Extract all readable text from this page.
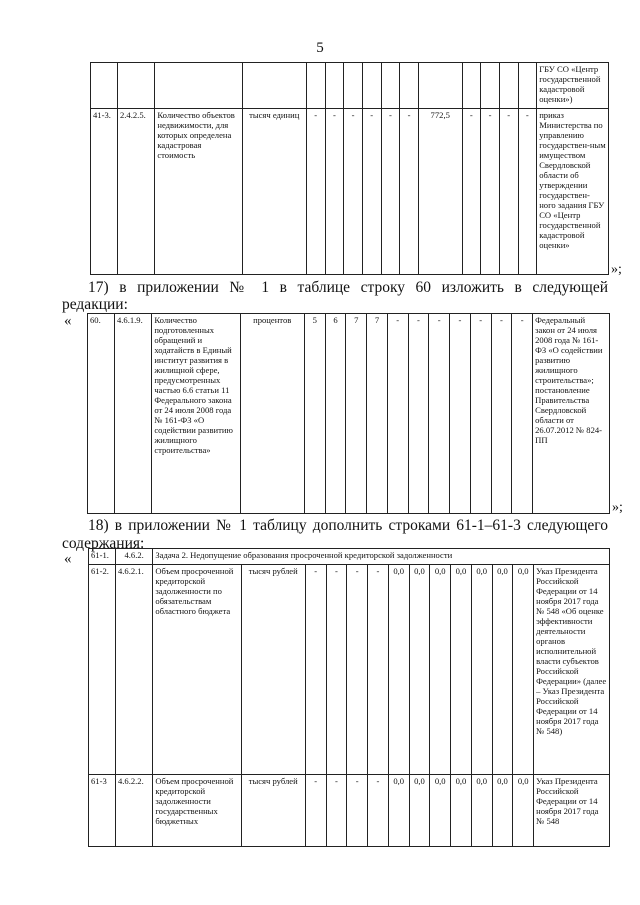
5
															ГБУ СО «Центр государственной кадастровой оценки»)
41-3.	2.4.2.5.	Количество объектов недвижимости, для которых определена кадастровая стоимость	тысяч единиц	-	-	-	-	-	-	772,5	-	-	-	-	приказ Министерства по управлению государствен-ным имуществом Свердловской области об утверждении государствен-ного задания ГБУ СО «Центр государственной кадастровой оценки»
»;
17) в приложении № 1 в таблице строку 60 изложить в следующей
редакции:
« 60.	4.6.1.9.	Количество подготовленных обращений и ходатайств в Единый институт развития в жилищной сфере, предусмотренных частью 6.6 статьи 11 Федерального закона от 24 июля 2008 года № 161-ФЗ «О содействии развитию жилищного строительства»	процентов	5	6	7	7	-	-	-	-	-	-	-	Федеральный закон от 24 июля 2008 года № 161-ФЗ «О содействии развитию жилищного строительства»; постановление Правительства Свердловской области от 26.07.2012 № 824-ПП
»;
18) в приложении № 1 таблицу дополнить строками 61-1–61-3 следующего
содержания:
« 61-1.	4.6.2.	Задача 2. Недопущение образования просроченной кредиторской задолженности													
61-2.	4.6.2.1.	Объем просроченной кредиторской задолженности по обязательствам областного бюджета	тысяч рублей	-	-	-	-	0,0	0,0	0,0	0,0	0,0	0,0	0,0	Указ Президента Российской Федерации от 14 ноября 2017 года № 548 «Об оценке эффективности деятельности органов исполнительной власти субъектов Российской Федерации» (далее – Указ Президента Российской Федерации от 14 ноября 2017 года № 548)
61-3	4.6.2.2.	Объем просроченной кредиторской задолженности государственных бюджетных	тысяч рублей	-	-	-	-	0,0	0,0	0,0	0,0	0,0	0,0	0,0	Указ Президента Российской Федерации от 14 ноября 2017 года № 548
